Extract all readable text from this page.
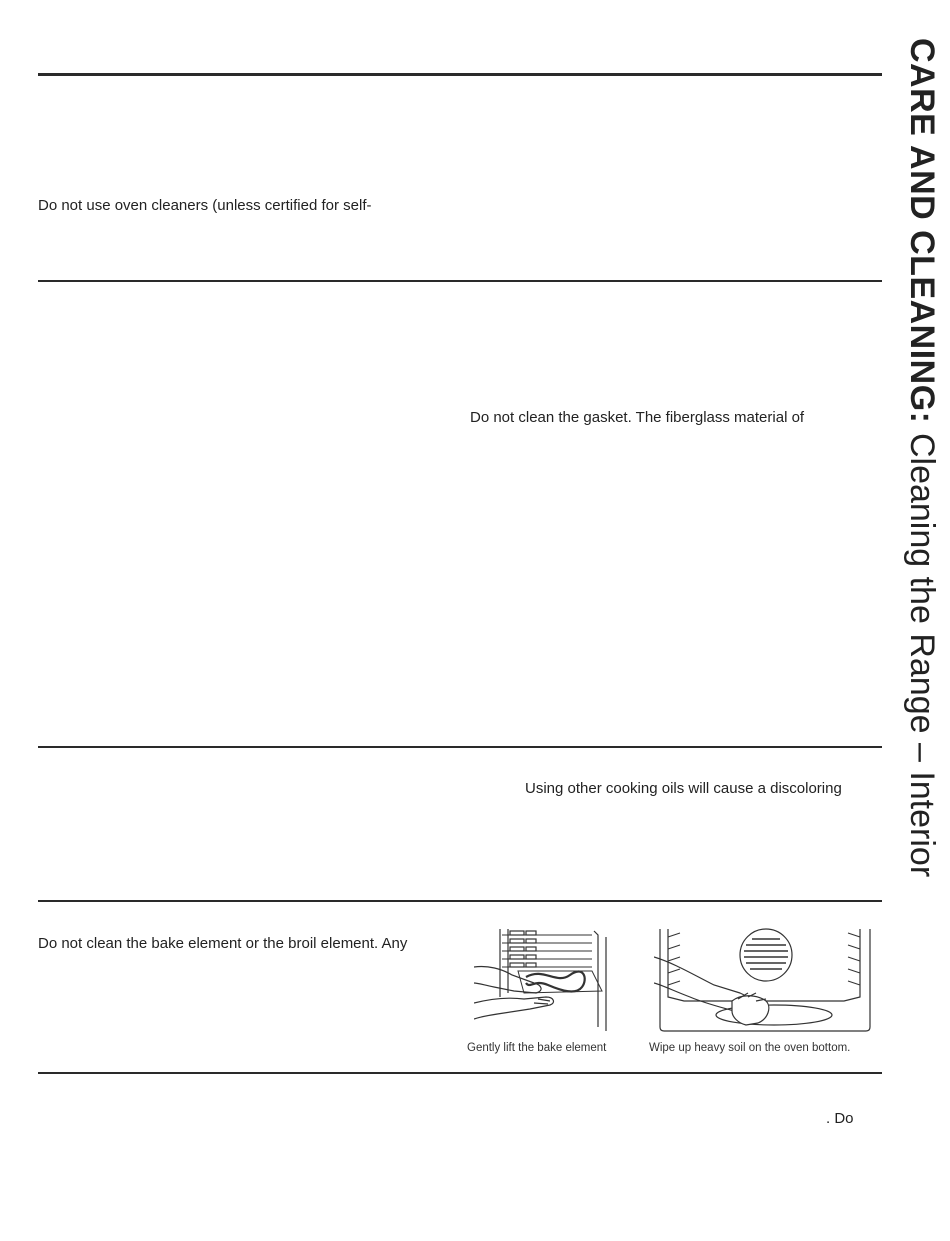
Do not use oven cleaners (unless certified for self-
Do not clean the gasket. The fiberglass material of
Using other cooking oils will cause a discoloring
Do not clean the bake element or the broil element. Any
. Do
Gently lift the bake element	Wipe up heavy soil on the oven bottom.
CARE AND CLEANING: Cleaning the Range – Interior
